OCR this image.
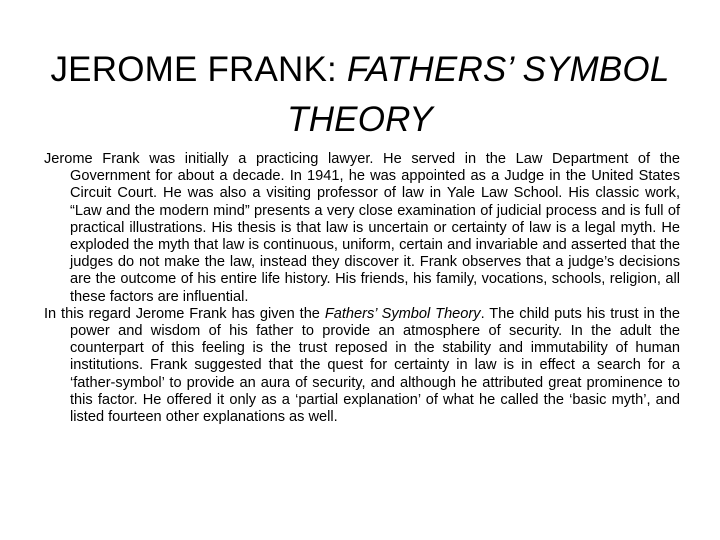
JEROME FRANK: FATHERS’ SYMBOL THEORY

Jerome Frank was initially a practicing lawyer. He served in the Law Department of the Government for about a decade. In 1941, he was appointed as a Judge in the United States Circuit Court. He was also a visiting professor of law in Yale Law School. His classic work, “Law and the modern mind” presents a very close examination of judicial process and is full of practical illustrations. His thesis is that law is uncertain or certainty of law is a legal myth. He exploded the myth that law is continuous, uniform, certain and invariable and asserted that the judges do not make the law, instead they discover it. Frank observes that a judge’s decisions are the outcome of his entire life history. His friends, his family, vocations, schools, religion, all these factors are influential.

In this regard Jerome Frank has given the Fathers’ Symbol Theory. The child puts his trust in the power and wisdom of his father to provide an atmosphere of security. In the adult the counterpart of this feeling is the trust reposed in the stability and immutability of human institutions. Frank suggested that the quest for certainty in law is in effect a search for a ‘father-symbol’ to provide an aura of security, and although he attributed great prominence to this factor. He offered it only as a ‘partial explanation’ of what he called the ‘basic myth’, and listed fourteen other explanations as well.
